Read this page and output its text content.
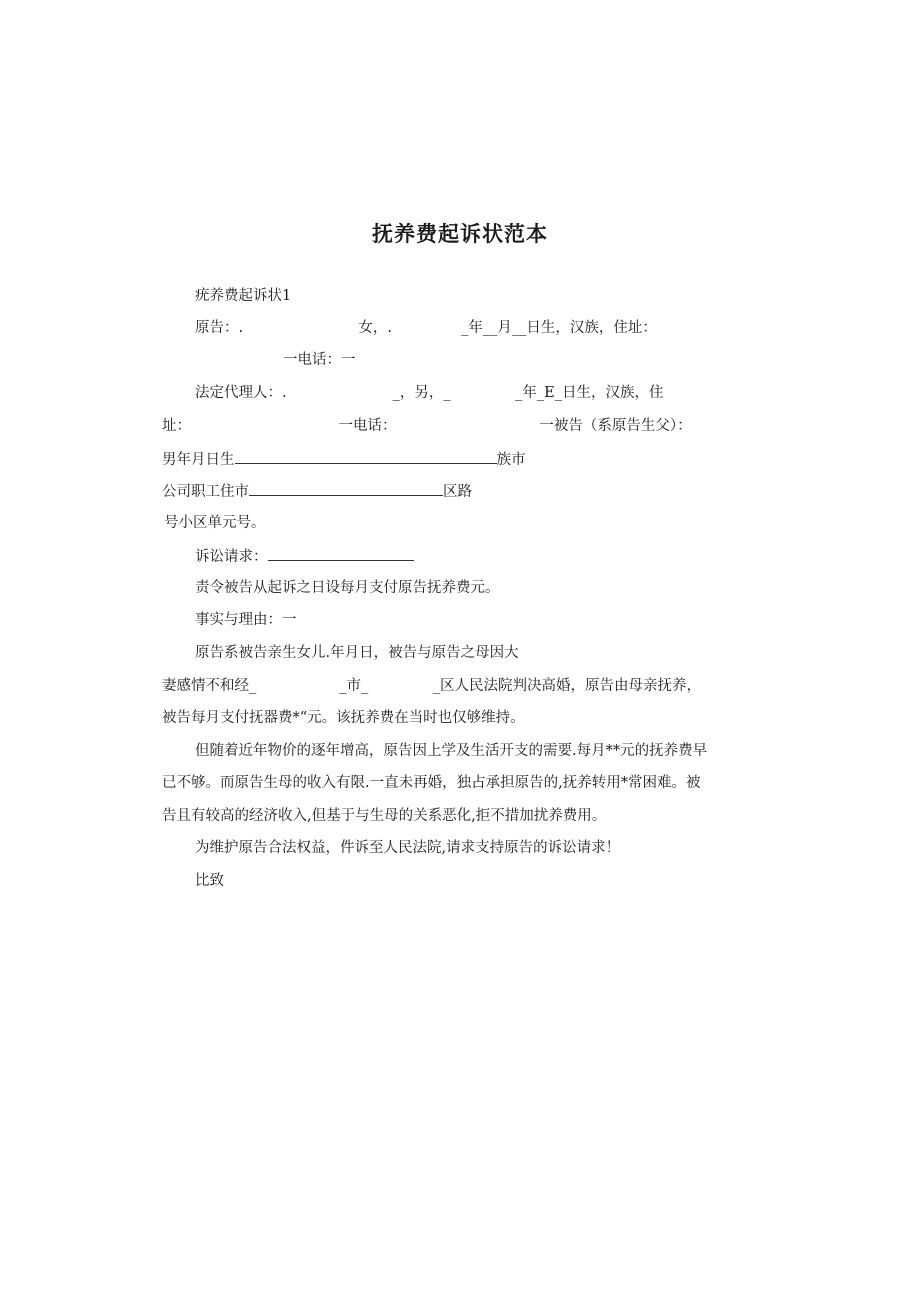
抚养费起诉状范本
疣养费起诉状1
原告：.                         女，.               _年__月__日生，汉族，住址：
一电话：一
法定代理人：.                       _，另，_              _年_E_日生，汉族，住
址：                                一电话：                               一被告（系原告生父）：
男年月日生	族市
公司职工住市	区路
号小区单元号。
诉讼请求：
责令被告从起诉之日设每月支付原告抚养费元。
事实与理由：一
原告系被告亲生女儿.年月日，被告与原告之母因大
妻感情不和经_                  _市_              _区人民法院判决高婚，原告由母亲抚养，
被告每月支付抚器费*“元。该抚养费在当时也仅够维持。
但随着近年物价的逐年增高，原告因上学及生活开支的需要.每月**元的抚养费早
已不够。而原告生母的收入有限.一直未再婚，独占承担原告的,抚养转用*常困难。被
告且有较高的经济收入,但基于与生母的关系恶化,拒不措加扰养费用。
为维护原告合法权益，件诉至人民法院,请求支持原告的诉讼请求！
比致
